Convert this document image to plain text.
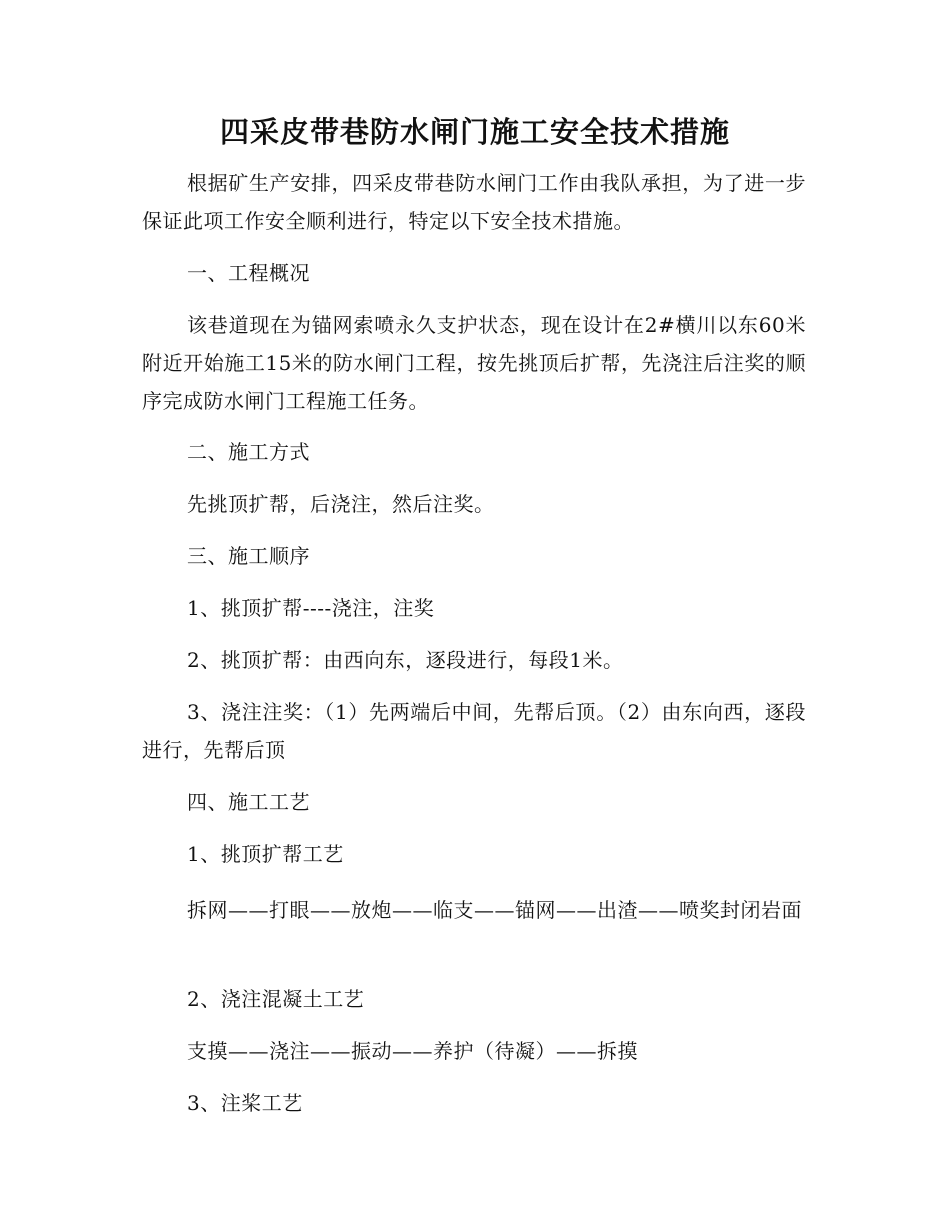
四采皮带巷防水闸门施工安全技术措施

根据矿生产安排，四采皮带巷防水闸门工作由我队承担，为了进一步保证此项工作安全顺利进行，特定以下安全技术措施。

一、工程概况

该巷道现在为锚网索喷永久支护状态，现在设计在2#横川以东60米附近开始施工15米的防水闸门工程，按先挑顶后扩帮，先浇注后注奖的顺序完成防水闸门工程施工任务。

二、施工方式

先挑顶扩帮，后浇注，然后注奖。

三、施工顺序

1、挑顶扩帮----浇注，注奖

2、挑顶扩帮：由西向东，逐段进行，每段1米。

3、浇注注奖：（1）先两端后中间，先帮后顶。（2）由东向西，逐段进行，先帮后顶

四、施工工艺

1、挑顶扩帮工艺

拆网——打眼——放炮——临支——锚网——出渣——喷奖封闭岩面

2、浇注混凝土工艺

支摸——浇注——振动——养护（待凝）——拆摸

3、注桨工艺
